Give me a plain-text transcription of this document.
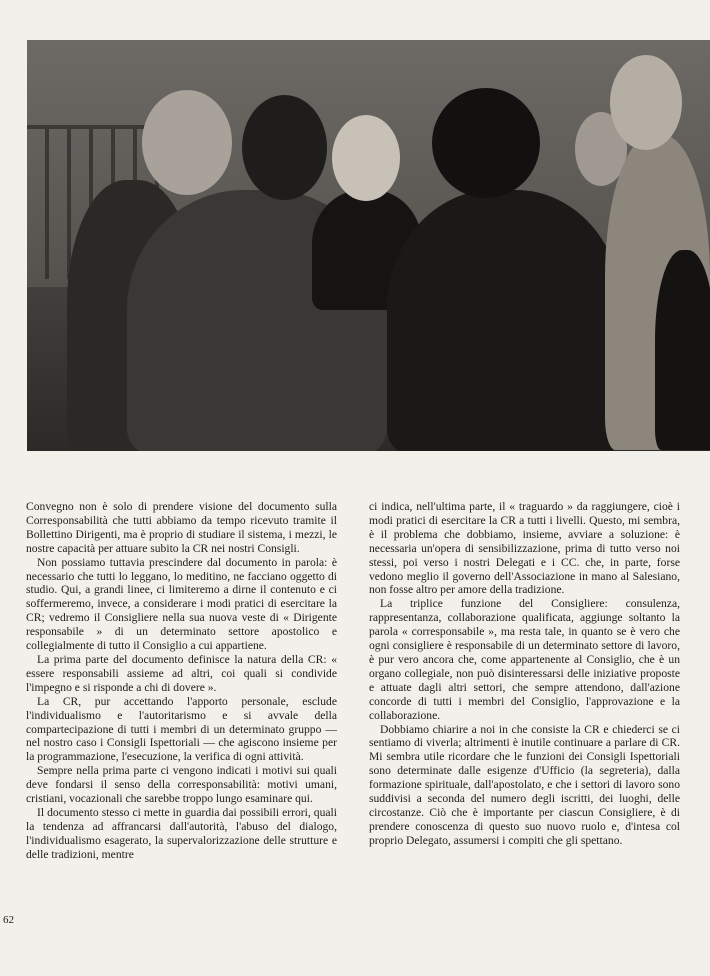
Convegno non è solo di prendere visione del documento sulla Corresponsabilità che tutti abbiamo da tempo ricevuto tramite il Bollettino Dirigenti, ma è proprio di studiare il sistema, i mezzi, le nostre capacità per attuare subito la CR nei nostri Consigli.

Non possiamo tuttavia prescindere dal documento in parola: è necessario che tutti lo leggano, lo meditino, ne facciano oggetto di studio. Qui, a grandi linee, ci limiteremo a dirne il contenuto e ci soffermeremo, invece, a considerare i modi pratici di esercitare la CR; vedremo il Consigliere nella sua nuova veste di « Dirigente responsabile » di un determinato settore apostolico e collegialmente di tutto il Consiglio a cui appartiene.

La prima parte del documento definisce la natura della CR: « essere responsabili assieme ad altri, coi quali si condivide l'impegno e si risponde a chi di dovere ».

La CR, pur accettando l'apporto personale, esclude l'individualismo e l'autoritarismo e si avvale della compartecipazione di tutti i membri di un determinato gruppo — nel nostro caso i Consigli Ispettoriali — che agiscono insieme per la programmazione, l'esecuzione, la verifica di ogni attività.

Sempre nella prima parte ci vengono indicati i motivi sui quali deve fondarsi il senso della corresponsabilità: motivi umani, cristiani, vocazionali che sarebbe troppo lungo esaminare qui.

Il documento stesso ci mette in guardia dai possibili errori, quali la tendenza ad affrancarsi dall'autorità, l'abuso del dialogo, l'individualismo esagerato, la supervalorizzazione delle strutture e delle tradizioni, mentre

ci indica, nell'ultima parte, il « traguardo » da raggiungere, cioè i modi pratici di esercitare la CR a tutti i livelli. Questo, mi sembra, è il problema che dobbiamo, insieme, avviare a soluzione: è necessaria un'opera di sensibilizzazione, prima di tutto verso noi stessi, poi verso i nostri Delegati e i CC. che, in parte, forse vedono meglio il governo dell'Associazione in mano al Salesiano, non fosse altro per amore della tradizione.

La triplice funzione del Consigliere: consulenza, rappresentanza, collaborazione qualificata, aggiunge soltanto la parola « corresponsabile », ma resta tale, in quanto se è vero che ogni consigliere è responsabile di un determinato settore di lavoro, è pur vero ancora che, come appartenente al Consiglio, che è un organo collegiale, non può disinteressarsi delle iniziative proposte e attuate dagli altri settori, che sempre attendono, dall'azione concorde di tutti i membri del Consiglio, l'approvazione e la collaborazione.

Dobbiamo chiarire a noi in che consiste la CR e chiederci se ci sentiamo di viverla; altrimenti è inutile continuare a parlare di CR. Mi sembra utile ricordare che le funzioni dei Consigli Ispettoriali sono determinate dalle esigenze d'Ufficio (la segreteria), dalla formazione spirituale, dall'apostolato, e che i settori di lavoro sono suddivisi a seconda del numero degli iscritti, dei luoghi, delle circostanze. Ciò che è importante per ciascun Consigliere, è di prendere conoscenza di questo suo nuovo ruolo e, d'intesa col proprio Delegato, assumersi i compiti che gli spettano.

62
